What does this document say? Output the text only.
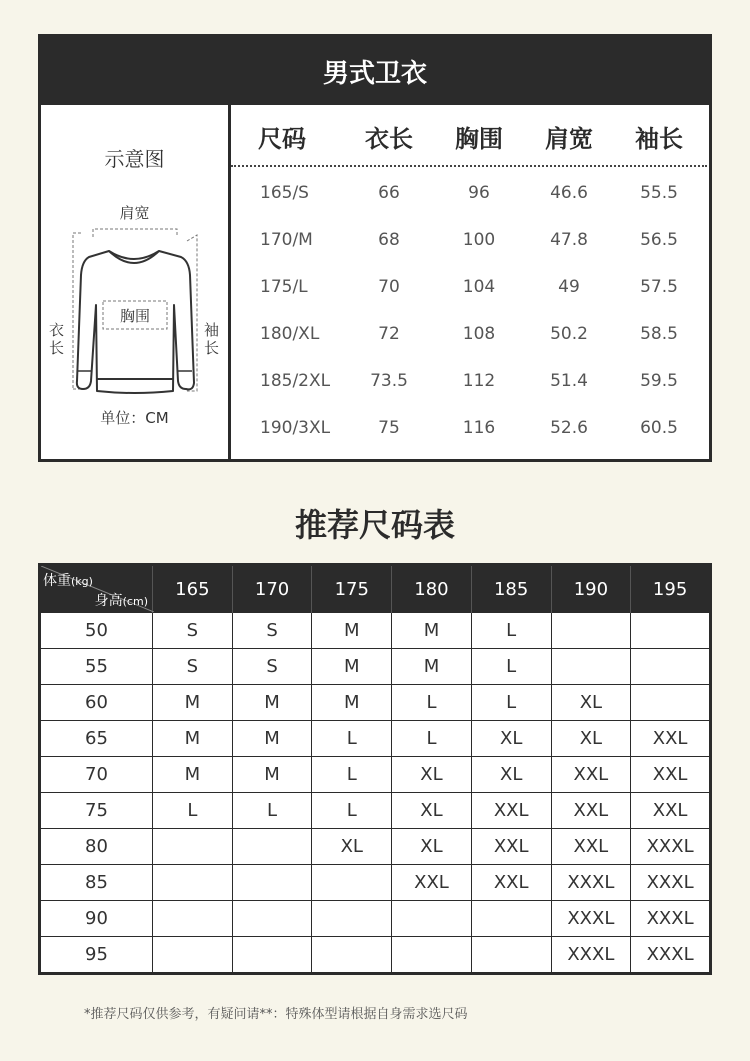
男式卫衣
示意图
肩宽
衣长
胸围
袖长
单位：CM
尺码	衣长	胸围	肩宽	袖长
165/S	66	96	46.6	55.5
170/M	68	100	47.8	56.5
175/L	70	104	49	57.5
180/XL	72	108	50.2	58.5
185/2XL	73.5	112	51.4	59.5
190/3XL	75	116	52.6	60.5
推荐尺码表
体重(kg)
身高(cm)	165	170	175	180	185	190	195
50	S	S	M	M	L		
55	S	S	M	M	L		
60	M	M	M	L	L	XL	
65	M	M	L	L	XL	XL	XXL
70	M	M	L	XL	XL	XXL	XXL
75	L	L	L	XL	XXL	XXL	XXL
80			XL	XL	XXL	XXL	XXXL
85				XXL	XXL	XXXL	XXXL
90						XXXL	XXXL
95						XXXL	XXXL
*推荐尺码仅供参考，有疑问请**：特殊体型请根据自身需求选尺码
